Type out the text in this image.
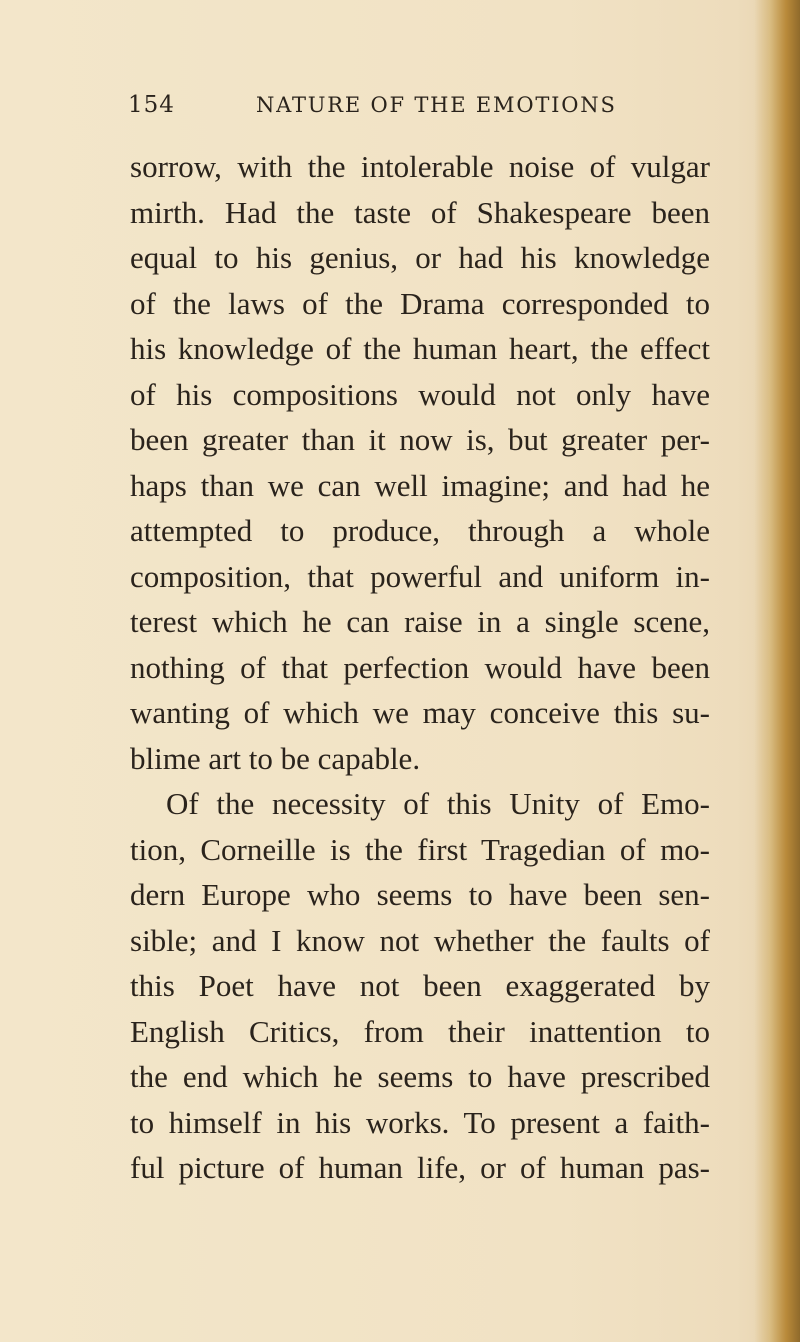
154	NATURE OF THE EMOTIONS
sorrow, with the intolerable noise of vulgar
mirth. Had the taste of Shakespeare been
equal to his genius, or had his knowledge
of the laws of the Drama corresponded to
his knowledge of the human heart, the effect
of his compositions would not only have
been greater than it now is, but greater per-
haps than we can well imagine; and had he
attempted to produce, through a whole
composition, that powerful and uniform in-
terest which he can raise in a single scene,
nothing of that perfection would have been
wanting of which we may conceive this su-
blime art to be capable.
Of the necessity of this Unity of Emo-
tion, Corneille is the first Tragedian of mo-
dern Europe who seems to have been sen-
sible; and I know not whether the faults of
this Poet have not been exaggerated by
English Critics, from their inattention to
the end which he seems to have prescribed
to himself in his works. To present a faith-
ful picture of human life, or of human pas-
